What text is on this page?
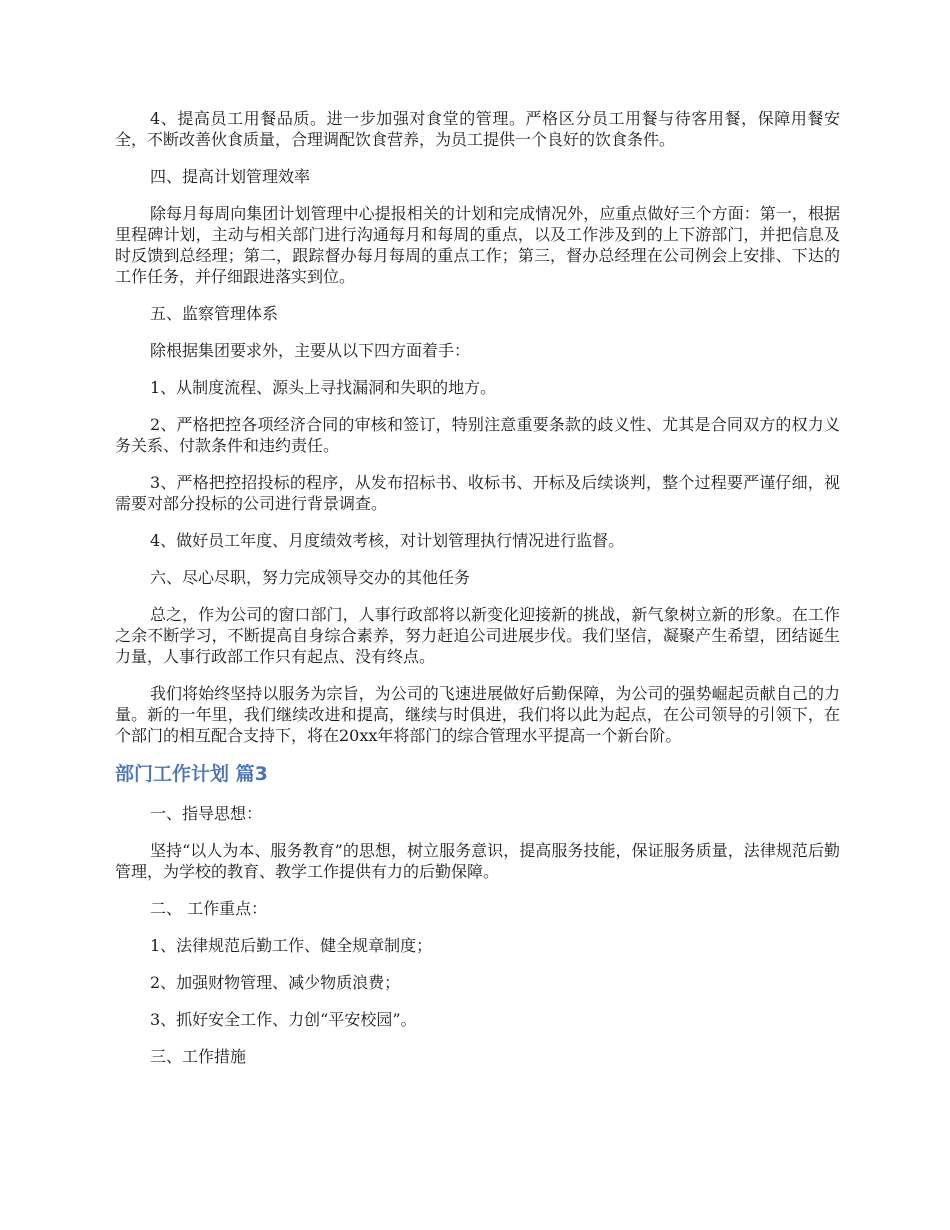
4、提高员工用餐品质。进一步加强对食堂的管理。严格区分员工用餐与待客用餐，保障用餐安全，不断改善伙食质量，合理调配饮食营养，为员工提供一个良好的饮食条件。

四、提高计划管理效率

除每月每周向集团计划管理中心提报相关的计划和完成情况外，应重点做好三个方面：第一，根据里程碑计划，主动与相关部门进行沟通每月和每周的重点，以及工作涉及到的上下游部门，并把信息及时反馈到总经理；第二，跟踪督办每月每周的重点工作；第三，督办总经理在公司例会上安排、下达的工作任务，并仔细跟进落实到位。

五、监察管理体系

除根据集团要求外，主要从以下四方面着手：

1、从制度流程、源头上寻找漏洞和失职的地方。

2、严格把控各项经济合同的审核和签订，特别注意重要条款的歧义性、尤其是合同双方的权力义务关系、付款条件和违约责任。

3、严格把控招投标的程序，从发布招标书、收标书、开标及后续谈判，整个过程要严谨仔细，视需要对部分投标的公司进行背景调查。

4、做好员工年度、月度绩效考核，对计划管理执行情况进行监督。

六、尽心尽职，努力完成领导交办的其他任务

总之，作为公司的窗口部门，人事行政部将以新变化迎接新的挑战，新气象树立新的形象。在工作之余不断学习，不断提高自身综合素养，努力赶追公司进展步伐。我们坚信，凝聚产生希望，团结诞生力量，人事行政部工作只有起点、没有终点。

我们将始终坚持以服务为宗旨，为公司的飞速进展做好后勤保障，为公司的强势崛起贡献自己的力量。新的一年里，我们继续改进和提高，继续与时俱进，我们将以此为起点，在公司领导的引领下，在个部门的相互配合支持下，将在20xx年将部门的综合管理水平提高一个新台阶。

部门工作计划 篇3

一、指导思想：

坚持“以人为本、服务教育”的思想，树立服务意识，提高服务技能，保证服务质量，法律规范后勤管理，为学校的教育、教学工作提供有力的后勤保障。

二、 工作重点：

1、法律规范后勤工作、健全规章制度；

2、加强财物管理、减少物质浪费；

3、抓好安全工作、力创“平安校园”。

三、工作措施
